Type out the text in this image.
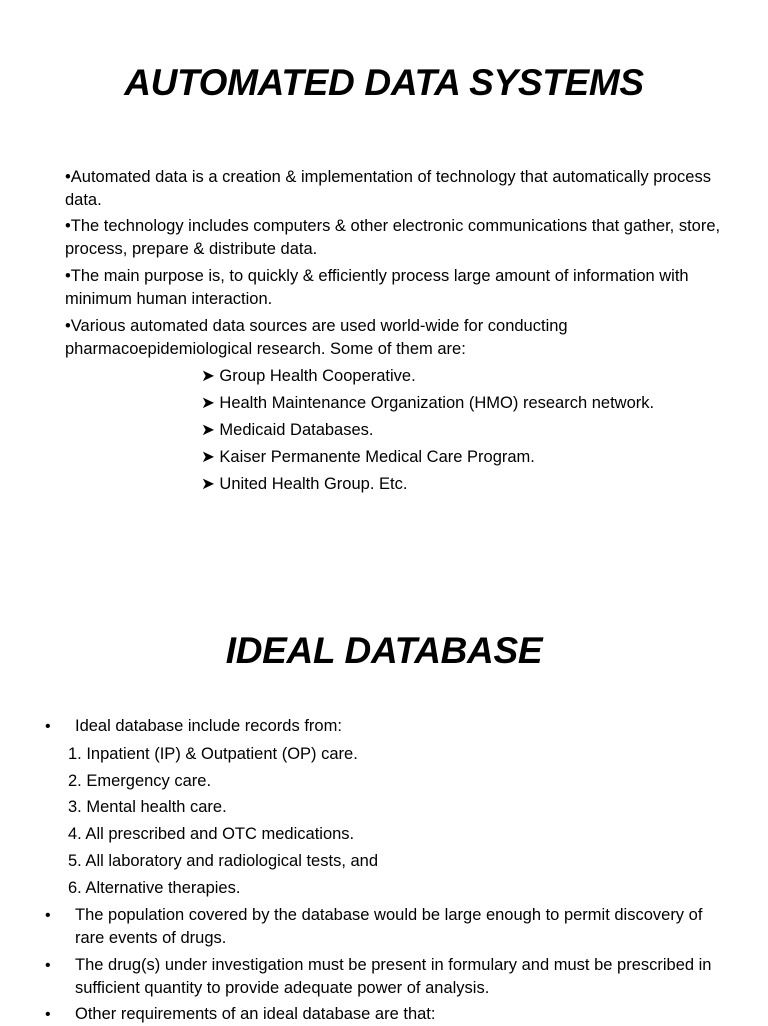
AUTOMATED DATA SYSTEMS

•Automated data is a creation & implementation of technology that automatically process data.

•The technology includes computers & other electronic communications that gather, store, process, prepare & distribute data.

•The main purpose is, to quickly & efficiently process large amount of information with minimum human interaction.

•Various automated data sources are used world-wide for conducting pharmacoepidemiological research. Some of them are:

➤ Group Health Cooperative.
➤ Health Maintenance Organization (HMO) research network.
➤ Medicaid Databases.
➤ Kaiser Permanente Medical Care Program.
➤ United Health Group. Etc.
IDEAL DATABASE
• Ideal database include records from:
1. Inpatient (IP) & Outpatient (OP) care.
2. Emergency care.
3. Mental health care.
4. All prescribed and OTC medications.
5. All laboratory and radiological tests, and
6. Alternative therapies.
• The population covered by the database would be large enough to permit discovery of rare events of drugs.
• The drug(s) under investigation must be present in formulary and must be prescribed in sufficient quantity to provide adequate power of analysis.
• Other requirements of an ideal database are that:
